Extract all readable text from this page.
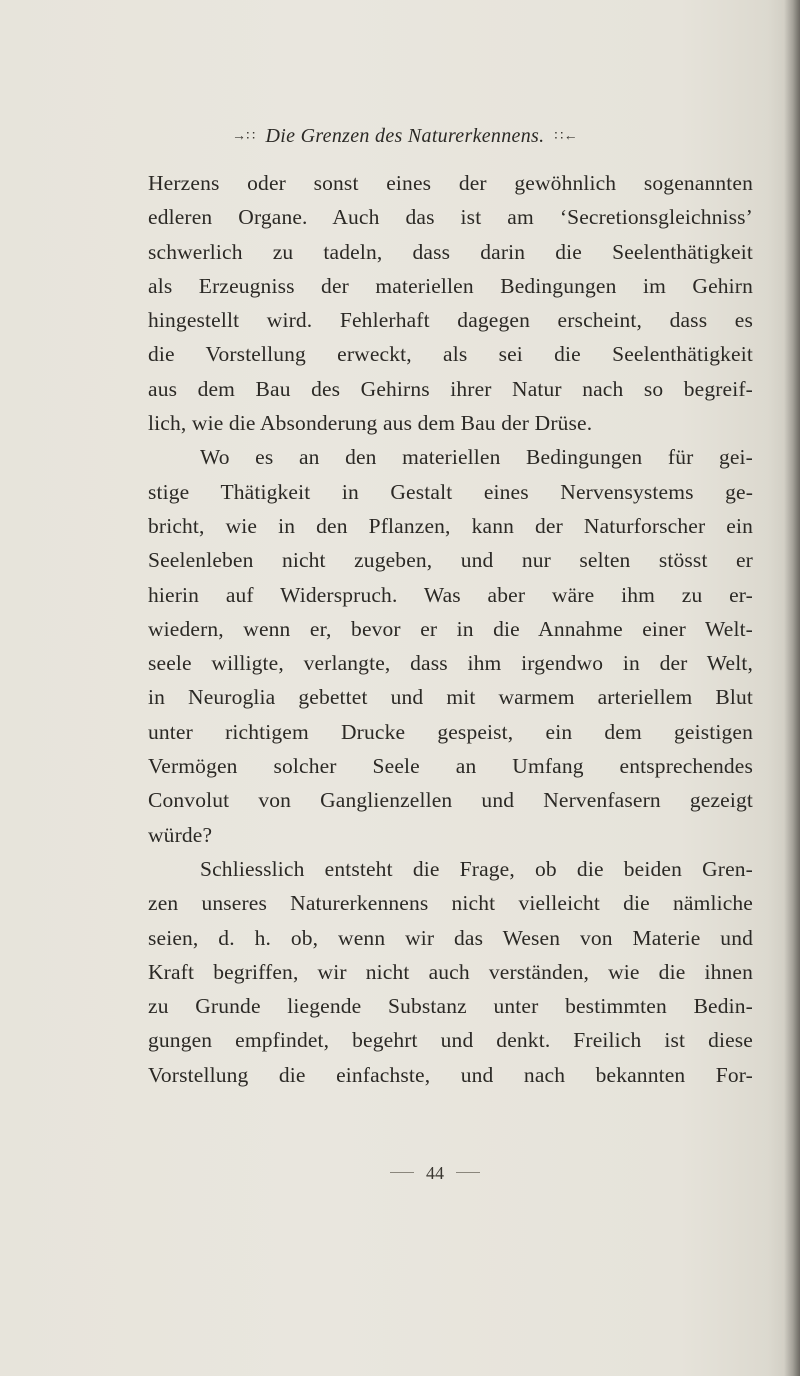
→∷ Die Grenzen des Naturerkennens. ∷←
Herzens oder sonst eines der gewöhnlich sogenannten
edleren Organe. Auch das ist am ‘Secretionsgleichniss’
schwerlich zu tadeln, dass darin die Seelenthätigkeit
als Erzeugniss der materiellen Bedingungen im Gehirn
hingestellt wird. Fehlerhaft dagegen erscheint, dass es
die Vorstellung erweckt, als sei die Seelenthätigkeit
aus dem Bau des Gehirns ihrer Natur nach so begreif-
lich, wie die Absonderung aus dem Bau der Drüse.
Wo es an den materiellen Bedingungen für gei-
stige Thätigkeit in Gestalt eines Nervensystems ge-
bricht, wie in den Pflanzen, kann der Naturforscher ein
Seelenleben nicht zugeben, und nur selten stösst er
hierin auf Widerspruch. Was aber wäre ihm zu er-
wiedern, wenn er, bevor er in die Annahme einer Welt-
seele willigte, verlangte, dass ihm irgendwo in der Welt,
in Neuroglia gebettet und mit warmem arteriellem Blut
unter richtigem Drucke gespeist, ein dem geistigen
Vermögen solcher Seele an Umfang entsprechendes
Convolut von Ganglienzellen und Nervenfasern gezeigt
würde?
Schliesslich entsteht die Frage, ob die beiden Gren-
zen unseres Naturerkennens nicht vielleicht die nämliche
seien, d. h. ob, wenn wir das Wesen von Materie und
Kraft begriffen, wir nicht auch verständen, wie die ihnen
zu Grunde liegende Substanz unter bestimmten Bedin-
gungen empfindet, begehrt und denkt. Freilich ist diese
Vorstellung die einfachste, und nach bekannten For-
44
